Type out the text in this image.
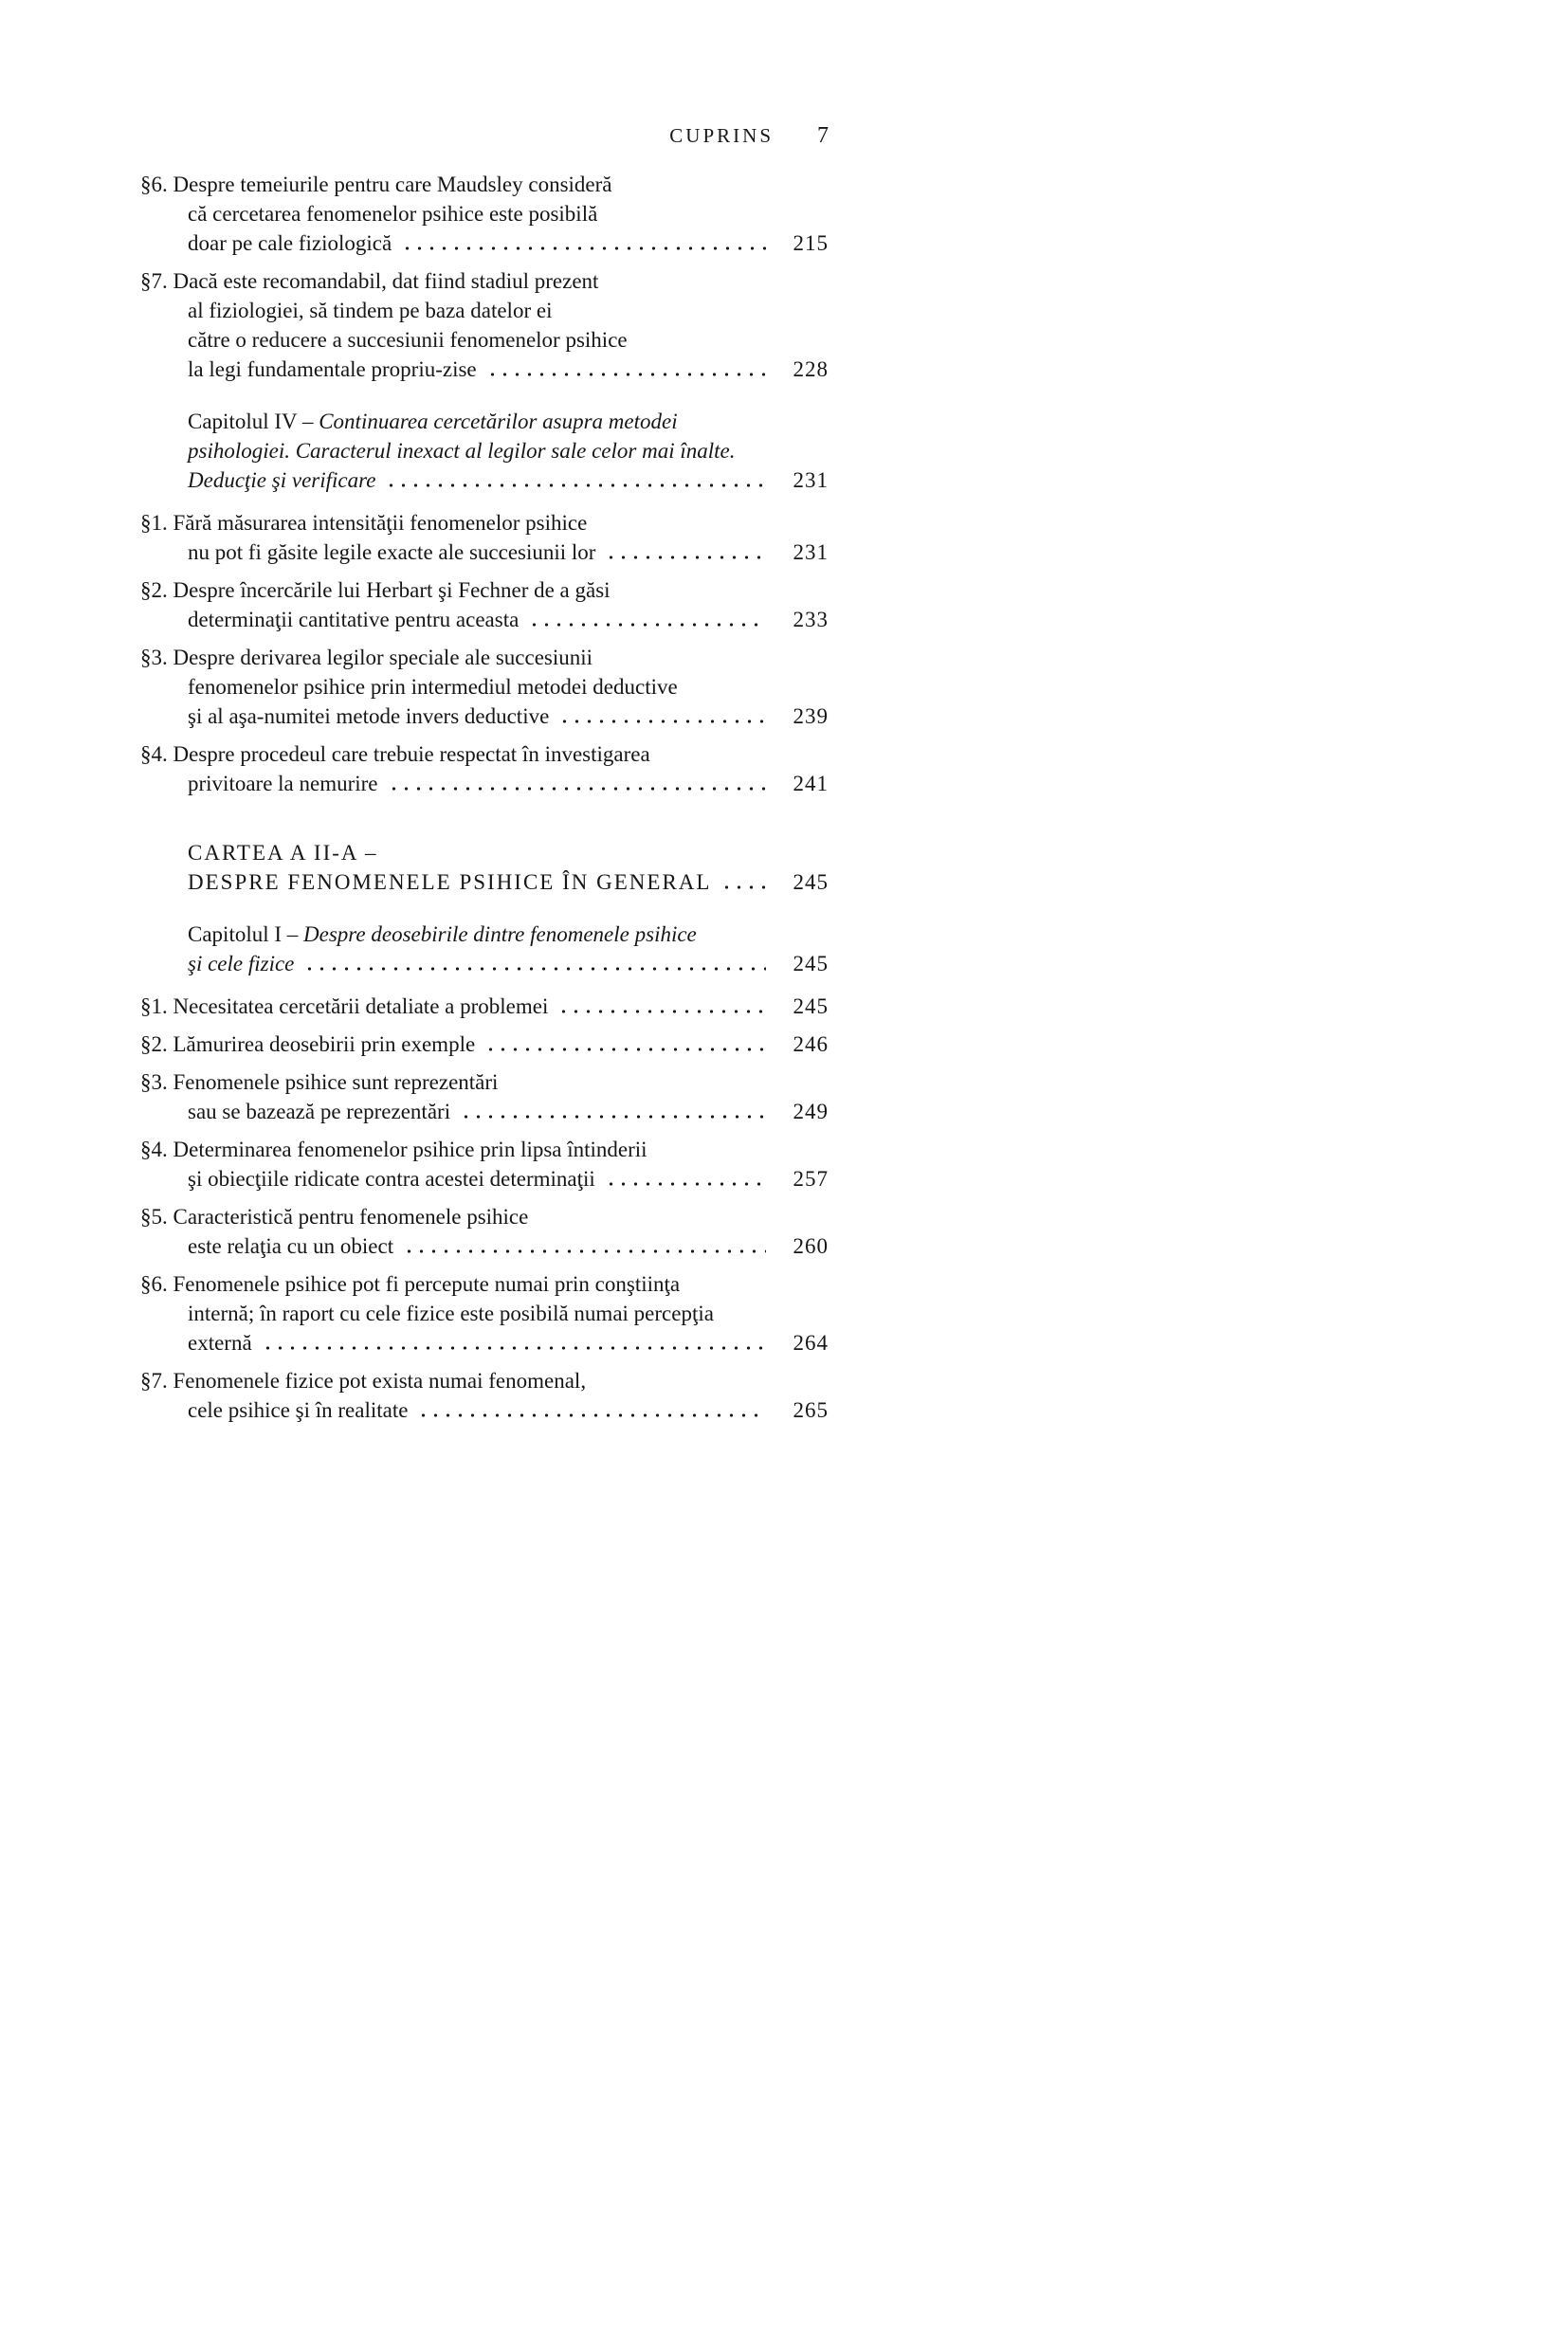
CUPRINS 7
§6. Despre temeiurile pentru care Maudsley consideră
că cercetarea fenomenelor psihice este posibilă
doar pe cale fiziologică	215
§7. Dacă este recomandabil, dat fiind stadiul prezent
al fiziologiei, să tindem pe baza datelor ei
către o reducere a succesiunii fenomenelor psihice
la legi fundamentale propriu-zise	228
Capitolul IV – Continuarea cercetărilor asupra metodei
psihologiei. Caracterul inexact al legilor sale celor mai înalte.
Deducţie şi verificare	231
§1. Fără măsurarea intensităţii fenomenelor psihice
nu pot fi găsite legile exacte ale succesiunii lor	231
§2. Despre încercările lui Herbart şi Fechner de a găsi
determinaţii cantitative pentru aceasta	233
§3. Despre derivarea legilor speciale ale succesiunii
fenomenelor psihice prin intermediul metodei deductive
şi al aşa-numitei metode invers deductive	239
§4. Despre procedeul care trebuie respectat în investigarea
privitoare la nemurire	241
CARTEA A II-A –
DESPRE FENOMENELE PSIHICE ÎN GENERAL	245
Capitolul I – Despre deosebirile dintre fenomenele psihice
şi cele fizice	245
§1. Necesitatea cercetării detaliate a problemei	245
§2. Lămurirea deosebirii prin exemple	246
§3. Fenomenele psihice sunt reprezentări
sau se bazează pe reprezentări	249
§4. Determinarea fenomenelor psihice prin lipsa întinderii
şi obiecţiile ridicate contra acestei determinaţii	257
§5. Caracteristică pentru fenomenele psihice
este relaţia cu un obiect	260
§6. Fenomenele psihice pot fi percepute numai prin conştiinţa
internă; în raport cu cele fizice este posibilă numai percepţia
externă	264
§7. Fenomenele fizice pot exista numai fenomenal,
cele psihice şi în realitate	265
